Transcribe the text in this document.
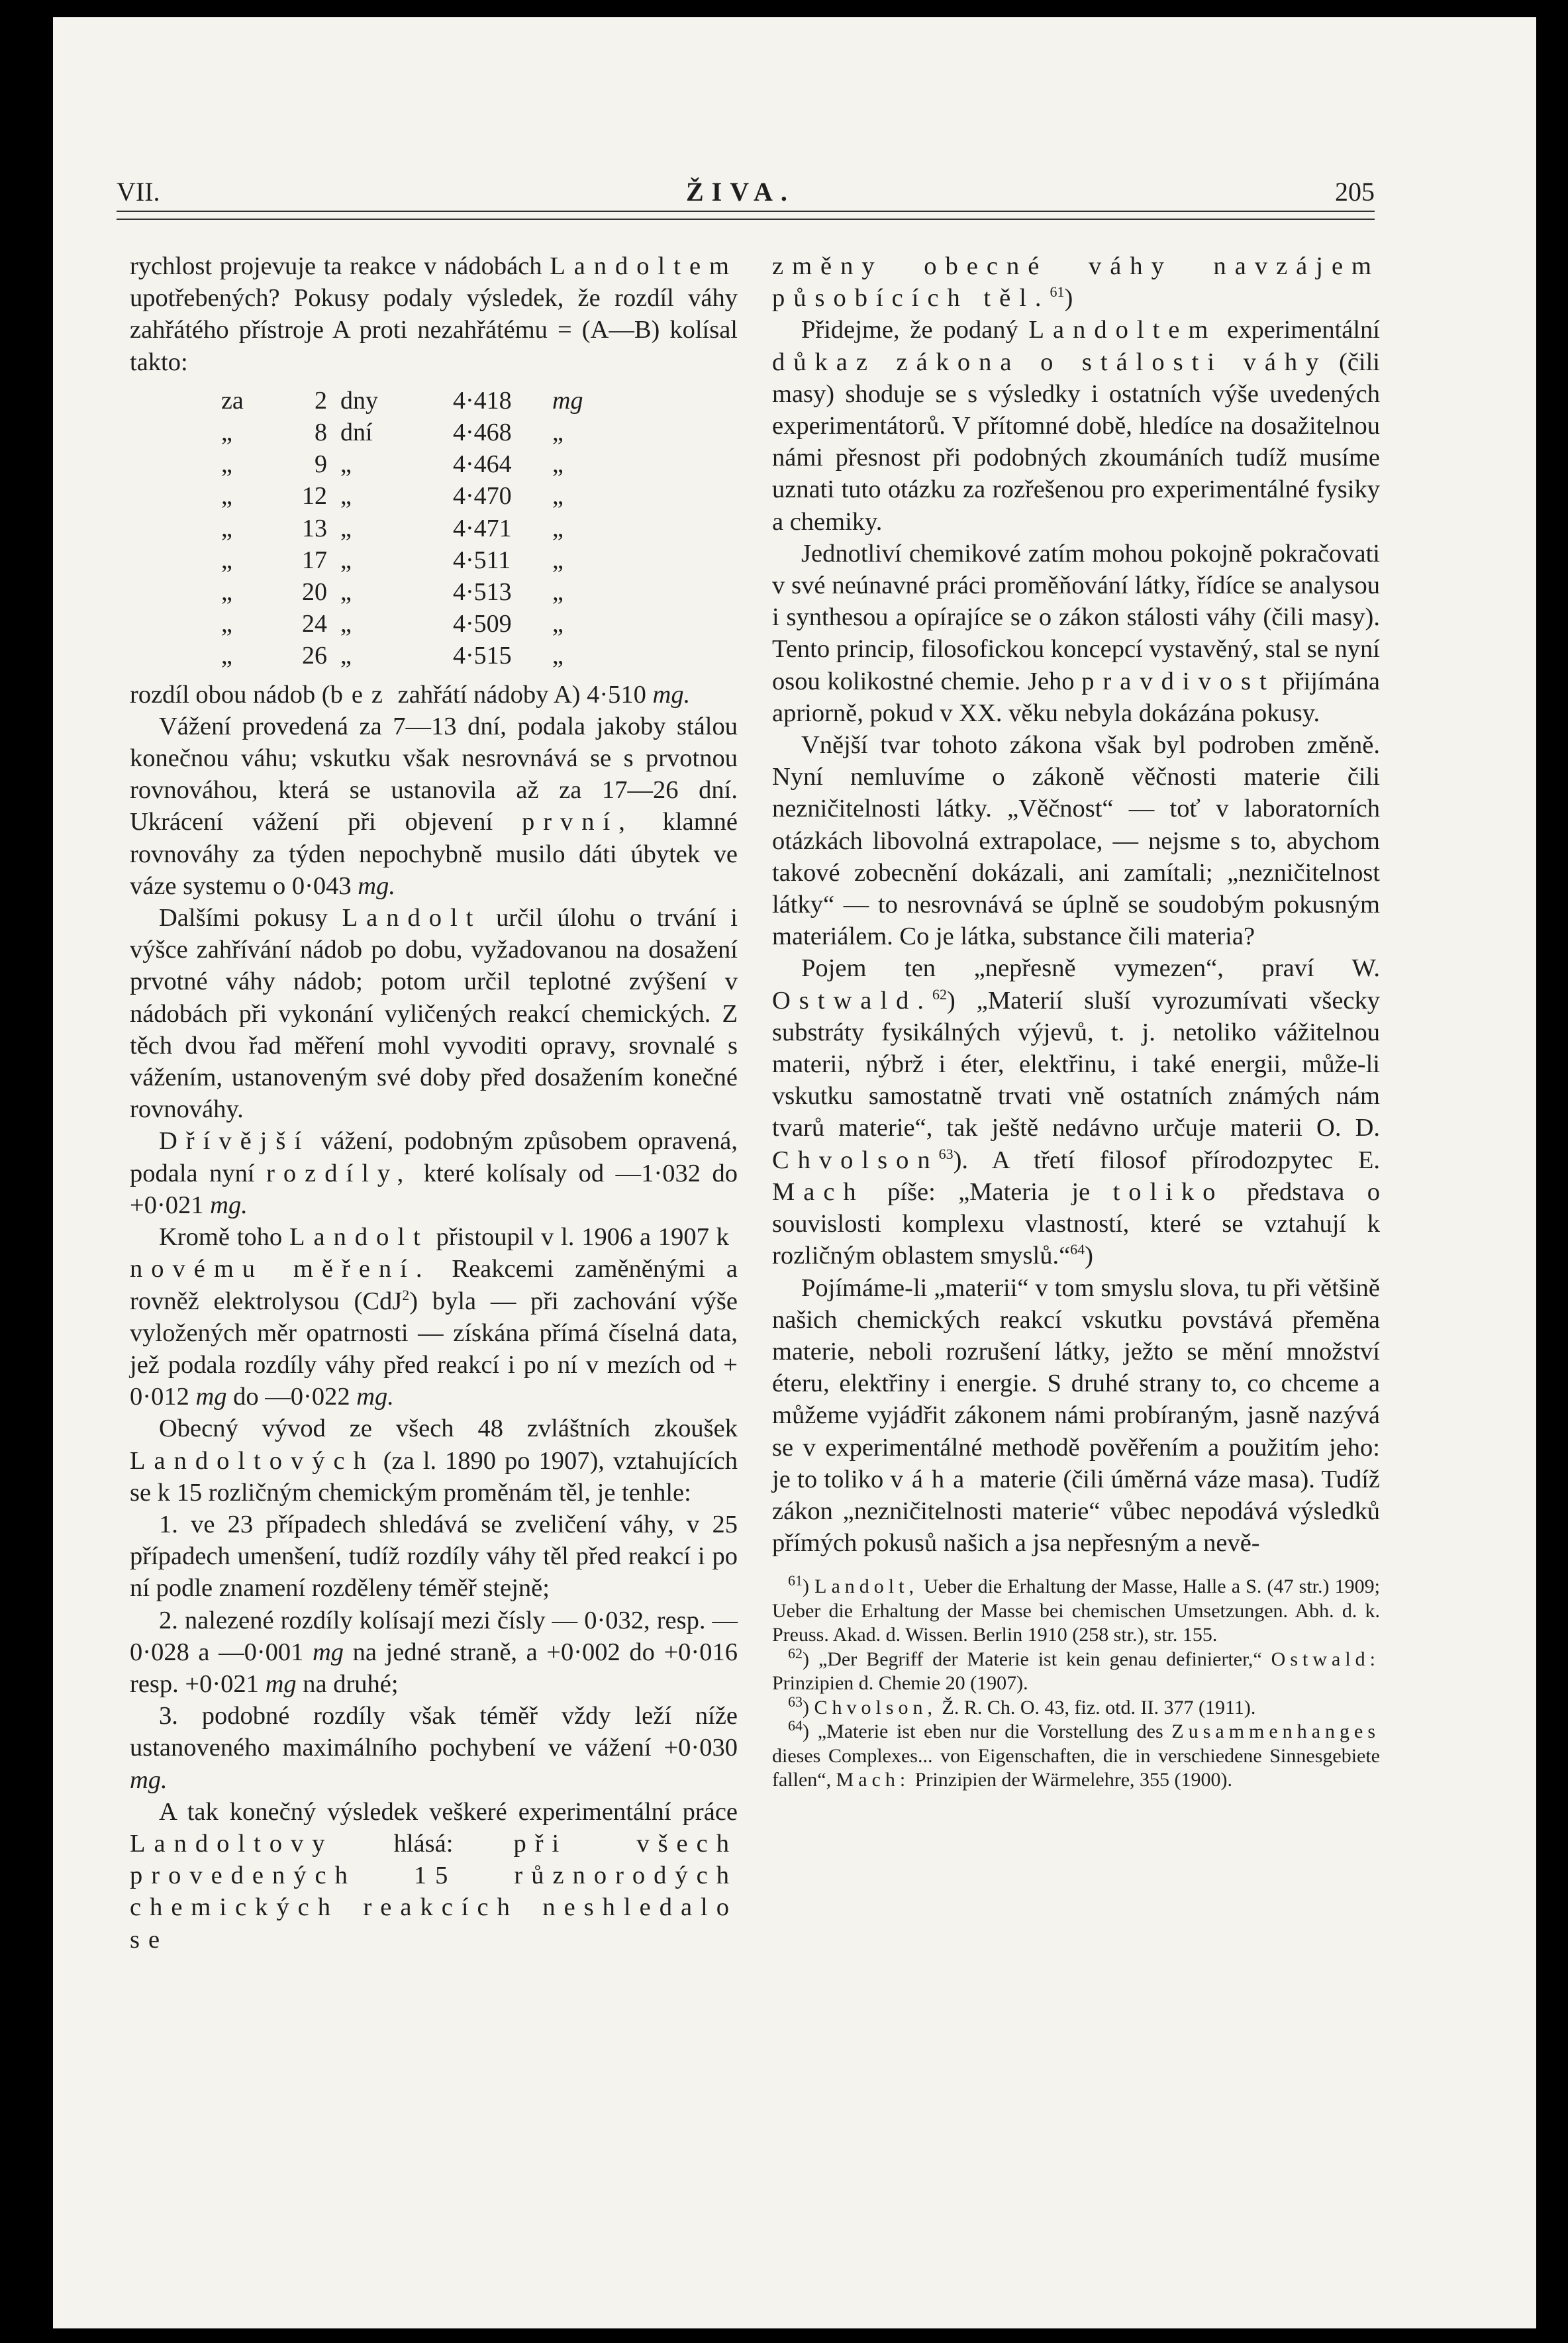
VII.	ŽIVA.	205

rychlost projevuje ta reakce v nádobách Landoltem upotřebených? Pokusy podaly výsledek, že rozdíl váhy zahřátého přístroje A proti nezahřátému = (A—B) kolísal takto:

za	2	dny	4·418	mg
„	8	dní	4·468	„
„	9	„	4·464	„
„	12	„	4·470	„
„	13	„	4·471	„
„	17	„	4·511	„
„	20	„	4·513	„
„	24	„	4·509	„
„	26	„	4·515	„

rozdíl obou nádob (bez zahřátí nádoby A) 4·510 mg.

Vážení provedená za 7—13 dní, podala jakoby stálou konečnou váhu; vskutku však nesrovnává se s prvotnou rovnováhou, která se ustanovila až za 17—26 dní. Ukrácení vážení při objevení první, klamné rovnováhy za týden nepochybně musilo dáti úbytek ve váze systemu o 0·043 mg.

Dalšími pokusy Landolt určil úlohu o trvání i výšce zahřívání nádob po dobu, vyžadovanou na dosažení prvotné váhy nádob; potom určil teplotné zvýšení v nádobách při vykonání vyličených reakcí chemických. Z těch dvou řad měření mohl vyvoditi opravy, srovnalé s vážením, ustanoveným své doby před dosažením konečné rovnováhy.

Dřívější vážení, podobným způsobem opravená, podala nyní rozdíly, které kolísaly od —1·032 do +0·021 mg.

Kromě toho Landolt přistoupil v l. 1906 a 1907 k novému měření. Reakcemi zaměněnými a rovněž elektrolysou (CdJ$^2$) byla — při zachování výše vyložených měr opatrnosti — získána přímá číselná data, jež podala rozdíly váhy před reakcí i po ní v mezích od + 0·012 mg do —0·022 mg.

Obecný vývod ze všech 48 zvláštních zkoušek Landoltových (za l. 1890 po 1907), vztahujících se k 15 rozličným chemickým proměnám těl, je tenhle:

1. ve 23 případech shledává se zveličení váhy, v 25 případech umenšení, tudíž rozdíly váhy těl před reakcí i po ní podle znamení rozděleny téměř stejně;

2. nalezené rozdíly kolísají mezi čísly — 0·032, resp. —0·028 a —0·001 mg na jedné straně, a +0·002 do +0·016 resp. +0·021 mg na druhé;

3. podobné rozdíly však téměř vždy leží níže ustanoveného maximálního pochybení ve vážení +0·030 mg.

A tak konečný výsledek veškeré experimentální práce Landoltovy hlásá: při všech provedených 15 různorodých chemických reakcích neshledalo se

změny obecné váhy navzájem působících těl.$^{61}$)

Přidejme, že podaný Landoltem experimentální důkaz zákona o stálosti váhy (čili masy) shoduje se s výsledky i ostatních výše uvedených experimentátorů. V přítomné době, hledíce na dosažitelnou námi přesnost při podobných zkoumáních tudíž musíme uznati tuto otázku za rozřešenou pro experimentálné fysiky a chemiky.

Jednotliví chemikové zatím mohou pokojně pokračovati v své neúnavné práci proměňování látky, řídíce se analysou i synthesou a opírajíce se o zákon stálosti váhy (čili masy). Tento princip, filosofickou koncepcí vystavěný, stal se nyní osou kolikostné chemie. Jeho pravdivost přijímána apriorně, pokud v XX. věku nebyla dokázána pokusy.

Vnější tvar tohoto zákona však byl podroben změně. Nyní nemluvíme o zákoně věčnosti materie čili nezničitelnosti látky. „Věčnost“ — toť v laboratorních otázkách libovolná extrapolace, — nejsme s to, abychom takové zobecnění dokázali, ani zamítali; „nezničitelnost látky“ — to nesrovnává se úplně se soudobým pokusným materiálem. Co je látka, substance čili materia?

Pojem ten „nepřesně vymezen“, praví W. Ostwald.$^{62}$) „Materií sluší vyrozumívati všecky substráty fysikálných výjevů, t. j. netoliko vážitelnou materii, nýbrž i éter, elektřinu, i také energii, může-li vskutku samostatně trvati vně ostatních známých nám tvarů materie“, tak ještě nedávno určuje materii O. D. Chvolson$^{63}$). A třetí filosof přírodozpytec E. Mach píše: „Materia je toliko představa o souvislosti komplexu vlastností, které se vztahují k rozličným oblastem smyslů.“$^{64}$)

Pojímáme-li „materii“ v tom smyslu slova, tu při většině našich chemických reakcí vskutku povstává přeměna materie, neboli rozrušení látky, ježto se mění množství éteru, elektřiny i energie. S druhé strany to, co chceme a můžeme vyjádřit zákonem námi probíraným, jasně nazývá se v experimentálné methodě pověřením a použitím jeho: je to toliko váha materie (čili úměrná váze masa). Tudíž zákon „nezničitelnosti materie“ vůbec nepodává výsledků přímých pokusů našich a jsa nepřesným a nevě-

$^{61}$) Landolt, Ueber die Erhaltung der Masse, Halle a S. (47 str.) 1909; Ueber die Erhaltung der Masse bei chemischen Umsetzungen. Abh. d. k. Preuss. Akad. d. Wissen. Berlin 1910 (258 str.), str. 155.

$^{62}$) „Der Begriff der Materie ist kein genau definierter,“ Ostwald: Prinzipien d. Chemie 20 (1907).

$^{63}$) Chvolson, Ž. R. Ch. O. 43, fiz. otd. II. 377 (1911).

$^{64}$) „Materie ist eben nur die Vorstellung des Zusammenhanges dieses Complexes... von Eigenschaften, die in verschiedene Sinnesgebiete fallen“, Mach: Prinzipien der Wärmelehre, 355 (1900).
